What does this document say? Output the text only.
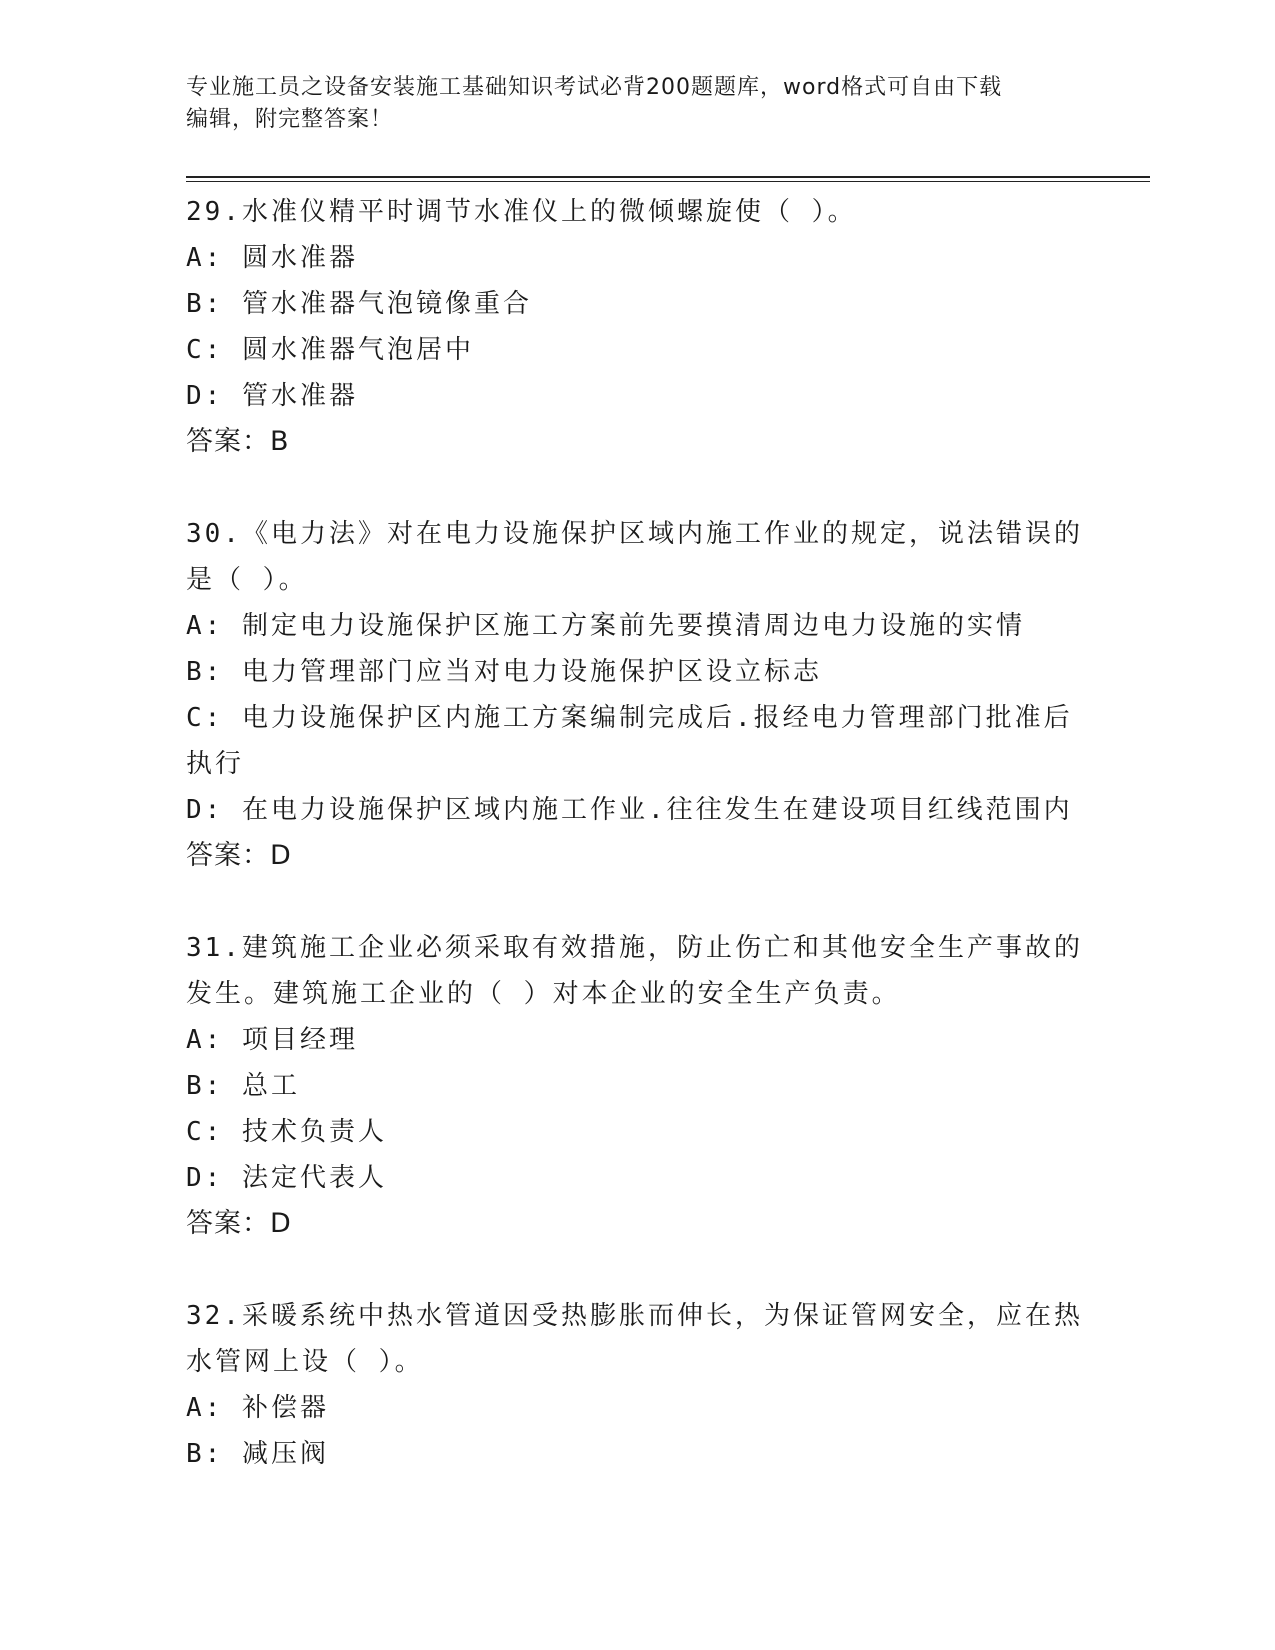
专业施工员之设备安装施工基础知识考试必背200题题库，word格式可自由下载
编辑，附完整答案！
29.水准仪精平时调节水准仪上的微倾螺旋使（ ）。
A: 圆水准器
B: 管水准器气泡镜像重合
C: 圆水准器气泡居中
D: 管水准器
答案：B
30.《电力法》对在电力设施保护区域内施工作业的规定，说法错误的
是（ ）。
A: 制定电力设施保护区施工方案前先要摸清周边电力设施的实情
B: 电力管理部门应当对电力设施保护区设立标志
C: 电力设施保护区内施工方案编制完成后.报经电力管理部门批准后
执行
D: 在电力设施保护区域内施工作业.往往发生在建设项目红线范围内
答案：D
31.建筑施工企业必须采取有效措施，防止伤亡和其他安全生产事故的
发生。建筑施工企业的（ ）对本企业的安全生产负责。
A: 项目经理
B: 总工
C: 技术负责人
D: 法定代表人
答案：D
32.采暖系统中热水管道因受热膨胀而伸长，为保证管网安全，应在热
水管网上设（ ）。
A: 补偿器
B: 减压阀
